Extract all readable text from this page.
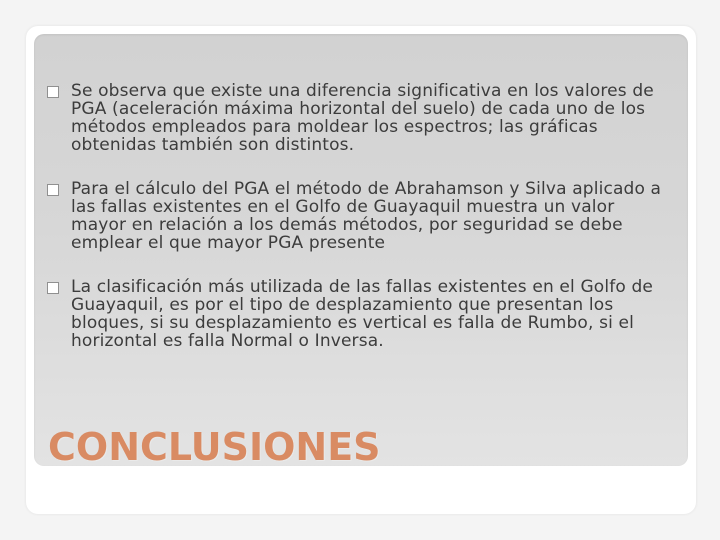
Se observa que existe una diferencia significativa en los valores de PGA (aceleración máxima horizontal del suelo) de cada uno de los métodos empleados para moldear los espectros; las gráficas obtenidas también son distintos.
Para el cálculo del PGA el método de Abrahamson y Silva aplicado a las fallas existentes en el Golfo de Guayaquil muestra un valor mayor en relación a los demás métodos, por seguridad se debe emplear el que mayor PGA presente
La clasificación más utilizada de las fallas existentes en el Golfo de Guayaquil, es por el tipo de desplazamiento que presentan los bloques, si su desplazamiento es vertical es falla de Rumbo, si el horizontal es falla Normal o Inversa.
CONCLUSIONES
